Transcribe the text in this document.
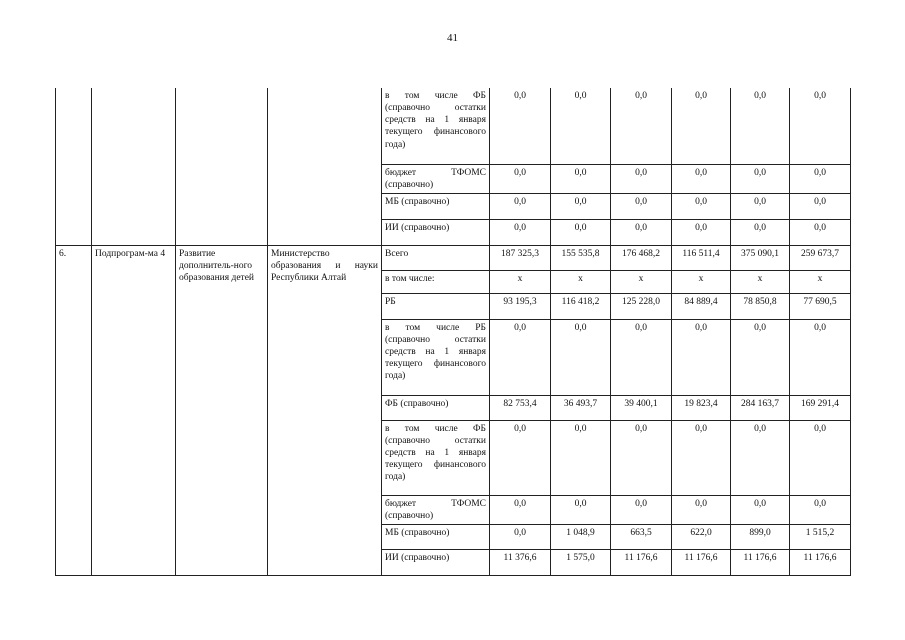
41
				в том числе ФБ (справочно остатки средств на 1 января текущего финансового года)	0,0	0,0	0,0	0,0	0,0	0,0
				бюджет ТФОМС (справочно)	0,0	0,0	0,0	0,0	0,0	0,0
				МБ (справочно)	0,0	0,0	0,0	0,0	0,0	0,0
				ИИ (справочно)	0,0	0,0	0,0	0,0	0,0	0,0
6.	Подпрограм-ма 4	Развитие дополнитель-ного образования детей	Министерство образования и науки Республики Алтай	Всего	187 325,3	155 535,8	176 468,2	116 511,4	375 090,1	259 673,7
				в том числе:	х	х	х	х	х	х
				РБ	93 195,3	116 418,2	125 228,0	84 889,4	78 850,8	77 690,5
				в том числе РБ (справочно остатки средств на 1 января текущего финансового года)	0,0	0,0	0,0	0,0	0,0	0,0
				ФБ (справочно)	82 753,4	36 493,7	39 400,1	19 823,4	284 163,7	169 291,4
				в том числе ФБ (справочно остатки средств на 1 января текущего финансового года)	0,0	0,0	0,0	0,0	0,0	0,0
				бюджет ТФОМС (справочно)	0,0	0,0	0,0	0,0	0,0	0,0
				МБ (справочно)	0,0	1 048,9	663,5	622,0	899,0	1 515,2
				ИИ (справочно)	11 376,6	1 575,0	11 176,6	11 176,6	11 176,6	11 176,6
